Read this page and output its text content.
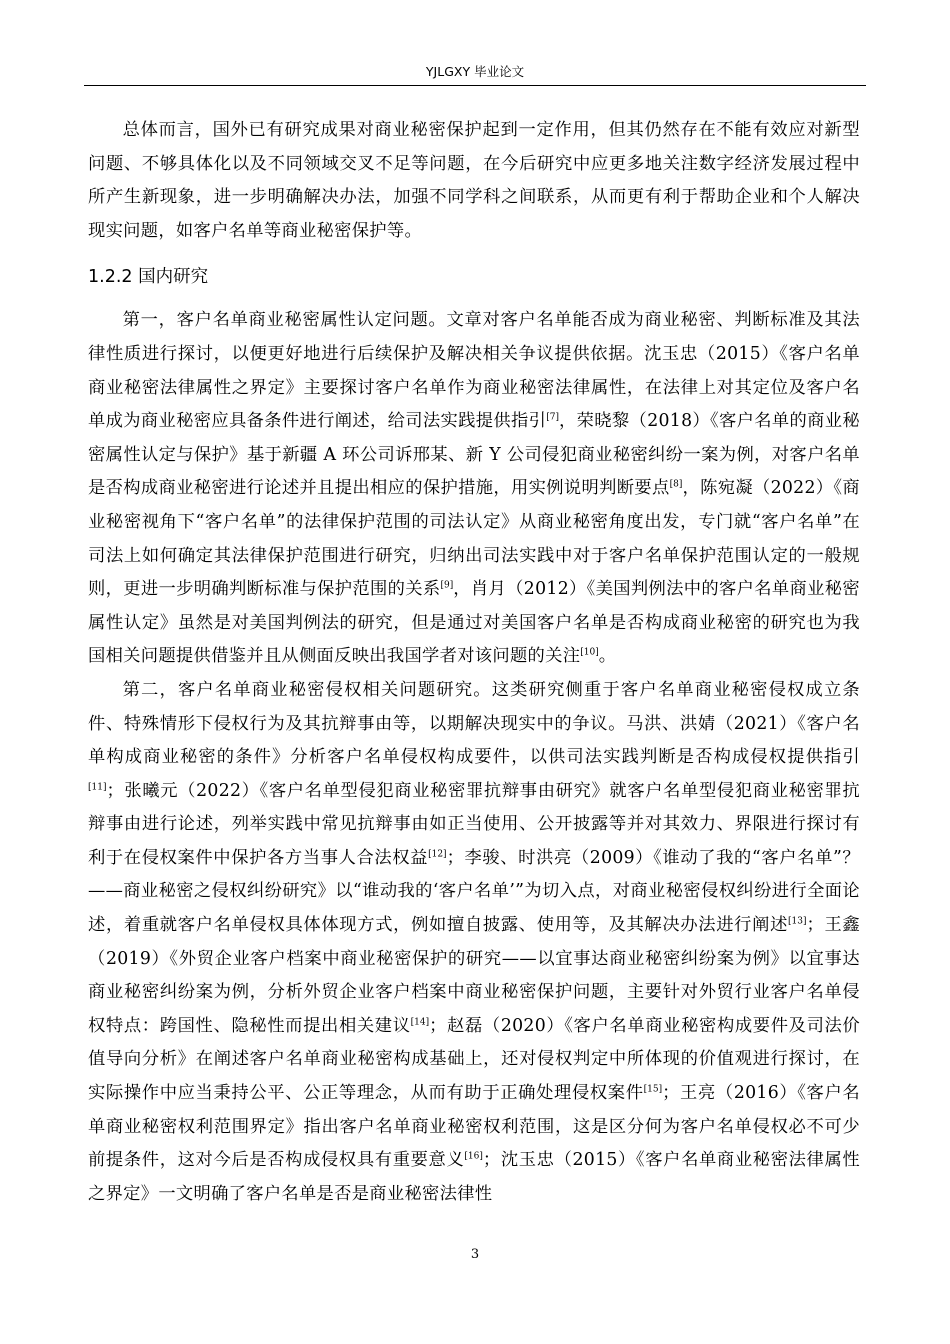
YJLGXY 毕业论文

总体而言，国外已有研究成果对商业秘密保护起到一定作用，但其仍然存在不能有效应对新型问题、不够具体化以及不同领域交叉不足等问题，在今后研究中应更多地关注数字经济发展过程中所产生新现象，进一步明确解决办法，加强不同学科之间联系，从而更有利于帮助企业和个人解决现实问题，如客户名单等商业秘密保护等。

1.2.2 国内研究

第一，客户名单商业秘密属性认定问题。文章对客户名单能否成为商业秘密、判断标准及其法律性质进行探讨，以便更好地进行后续保护及解决相关争议提供依据。沈玉忠（2015）《客户名单商业秘密法律属性之界定》主要探讨客户名单作为商业秘密法律属性，在法律上对其定位及客户名单成为商业秘密应具备条件进行阐述，给司法实践提供指引[7]，荣晓黎（2018）《客户名单的商业秘密属性认定与保护》基于新疆 A 环公司诉邢某、新 Y 公司侵犯商业秘密纠纷一案为例，对客户名单是否构成商业秘密进行论述并且提出相应的保护措施，用实例说明判断要点[8]，陈宛凝（2022）《商业秘密视角下“客户名单”的法律保护范围的司法认定》从商业秘密角度出发，专门就“客户名单”在司法上如何确定其法律保护范围进行研究，归纳出司法实践中对于客户名单保护范围认定的一般规则，更进一步明确判断标准与保护范围的关系[9]，肖月（2012）《美国判例法中的客户名单商业秘密属性认定》虽然是对美国判例法的研究，但是通过对美国客户名单是否构成商业秘密的研究也为我国相关问题提供借鉴并且从侧面反映出我国学者对该问题的关注[10]。

第二，客户名单商业秘密侵权相关问题研究。这类研究侧重于客户名单商业秘密侵权成立条件、特殊情形下侵权行为及其抗辩事由等，以期解决现实中的争议。马洪、洪婧（2021）《客户名单构成商业秘密的条件》分析客户名单侵权构成要件，以供司法实践判断是否构成侵权提供指引[11]；张曦元（2022）《客户名单型侵犯商业秘密罪抗辩事由研究》就客户名单型侵犯商业秘密罪抗辩事由进行论述，列举实践中常见抗辩事由如正当使用、公开披露等并对其效力、界限进行探讨有利于在侵权案件中保护各方当事人合法权益[12]；李骏、时洪亮（2009）《谁动了我的“客户名单”？——商业秘密之侵权纠纷研究》以“谁动我的‘客户名单’”为切入点，对商业秘密侵权纠纷进行全面论述，着重就客户名单侵权具体体现方式，例如擅自披露、使用等，及其解决办法进行阐述[13]；王鑫（2019）《外贸企业客户档案中商业秘密保护的研究——以宜事达商业秘密纠纷案为例》以宜事达商业秘密纠纷案为例，分析外贸企业客户档案中商业秘密保护问题，主要针对外贸行业客户名单侵权特点：跨国性、隐秘性而提出相关建议[14]；赵磊（2020）《客户名单商业秘密构成要件及司法价值导向分析》在阐述客户名单商业秘密构成基础上，还对侵权判定中所体现的价值观进行探讨，在实际操作中应当秉持公平、公正等理念，从而有助于正确处理侵权案件[15]；王亮（2016）《客户名单商业秘密权利范围界定》指出客户名单商业秘密权利范围，这是区分何为客户名单侵权必不可少前提条件，这对今后是否构成侵权具有重要意义[16]；沈玉忠（2015）《客户名单商业秘密法律属性之界定》一文明确了客户名单是否是商业秘密法律性

3
